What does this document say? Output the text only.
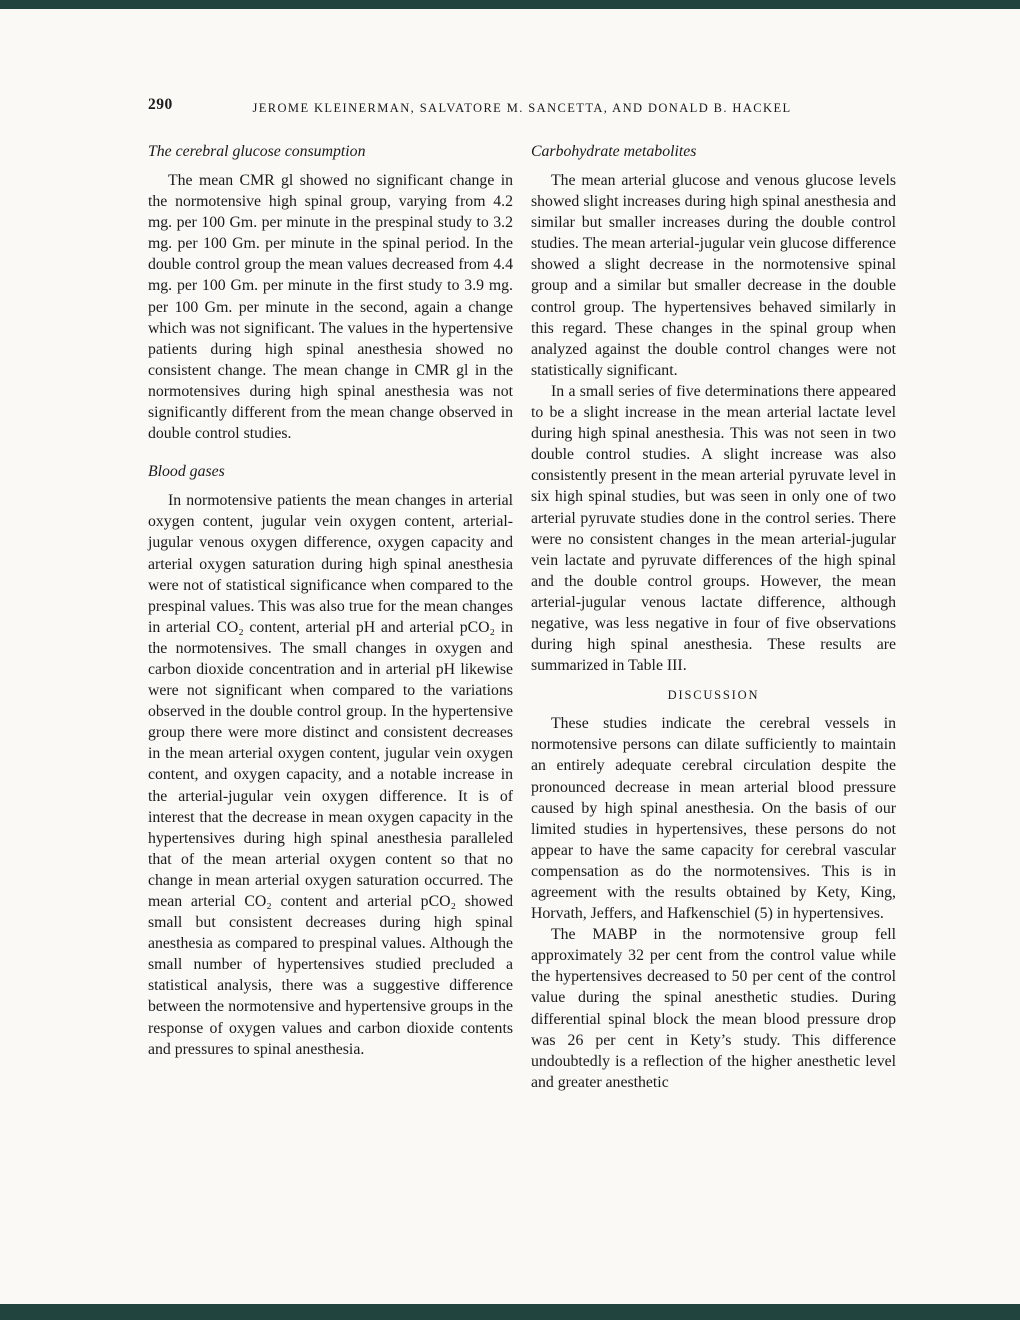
290	JEROME KLEINERMAN, SALVATORE M. SANCETTA, AND DONALD B. HACKEL
The cerebral glucose consumption

The mean CMR gl showed no significant change in the normotensive high spinal group, varying from 4.2 mg. per 100 Gm. per minute in the prespinal study to 3.2 mg. per 100 Gm. per minute in the spinal period. In the double control group the mean values decreased from 4.4 mg. per 100 Gm. per minute in the first study to 3.9 mg. per 100 Gm. per minute in the second, again a change which was not significant. The values in the hypertensive patients during high spinal anesthesia showed no consistent change. The mean change in CMR gl in the normotensives during high spinal anesthesia was not significantly different from the mean change observed in double control studies.

Blood gases

In normotensive patients the mean changes in arterial oxygen content, jugular vein oxygen content, arterial-jugular venous oxygen difference, oxygen capacity and arterial oxygen saturation during high spinal anesthesia were not of statistical significance when compared to the prespinal values. This was also true for the mean changes in arterial CO₂ content, arterial pH and arterial pCO₂ in the normotensives. The small changes in oxygen and carbon dioxide concentration and in arterial pH likewise were not significant when compared to the variations observed in the double control group. In the hypertensive group there were more distinct and consistent decreases in the mean arterial oxygen content, jugular vein oxygen content, and oxygen capacity, and a notable increase in the arterial-jugular vein oxygen difference. It is of interest that the decrease in mean oxygen capacity in the hypertensives during high spinal anesthesia paralleled that of the mean arterial oxygen content so that no change in mean arterial oxygen saturation occurred. The mean arterial CO₂ content and arterial pCO₂ showed small but consistent decreases during high spinal anesthesia as compared to prespinal values. Although the small number of hypertensives studied precluded a statistical analysis, there was a suggestive difference between the normotensive and hypertensive groups in the response of oxygen values and carbon dioxide contents and pressures to spinal anesthesia.

Carbohydrate metabolites

The mean arterial glucose and venous glucose levels showed slight increases during high spinal anesthesia and similar but smaller increases during the double control studies. The mean arterial-jugular vein glucose difference showed a slight decrease in the normotensive spinal group and a similar but smaller decrease in the double control group. The hypertensives behaved similarly in this regard. These changes in the spinal group when analyzed against the double control changes were not statistically significant.

In a small series of five determinations there appeared to be a slight increase in the mean arterial lactate level during high spinal anesthesia. This was not seen in two double control studies. A slight increase was also consistently present in the mean arterial pyruvate level in six high spinal studies, but was seen in only one of two arterial pyruvate studies done in the control series. There were no consistent changes in the mean arterial-jugular vein lactate and pyruvate differences of the high spinal and the double control groups. However, the mean arterial-jugular venous lactate difference, although negative, was less negative in four of five observations during high spinal anesthesia. These results are summarized in Table III.

DISCUSSION

These studies indicate the cerebral vessels in normotensive persons can dilate sufficiently to maintain an entirely adequate cerebral circulation despite the pronounced decrease in mean arterial blood pressure caused by high spinal anesthesia. On the basis of our limited studies in hypertensives, these persons do not appear to have the same capacity for cerebral vascular compensation as do the normotensives. This is in agreement with the results obtained by Kety, King, Horvath, Jeffers, and Hafkenschiel (5) in hypertensives.

The MABP in the normotensive group fell approximately 32 per cent from the control value while the hypertensives decreased to 50 per cent of the control value during the spinal anesthetic studies. During differential spinal block the mean blood pressure drop was 26 per cent in Kety’s study. This difference undoubtedly is a reflection of the higher anesthetic level and greater anesthetic
